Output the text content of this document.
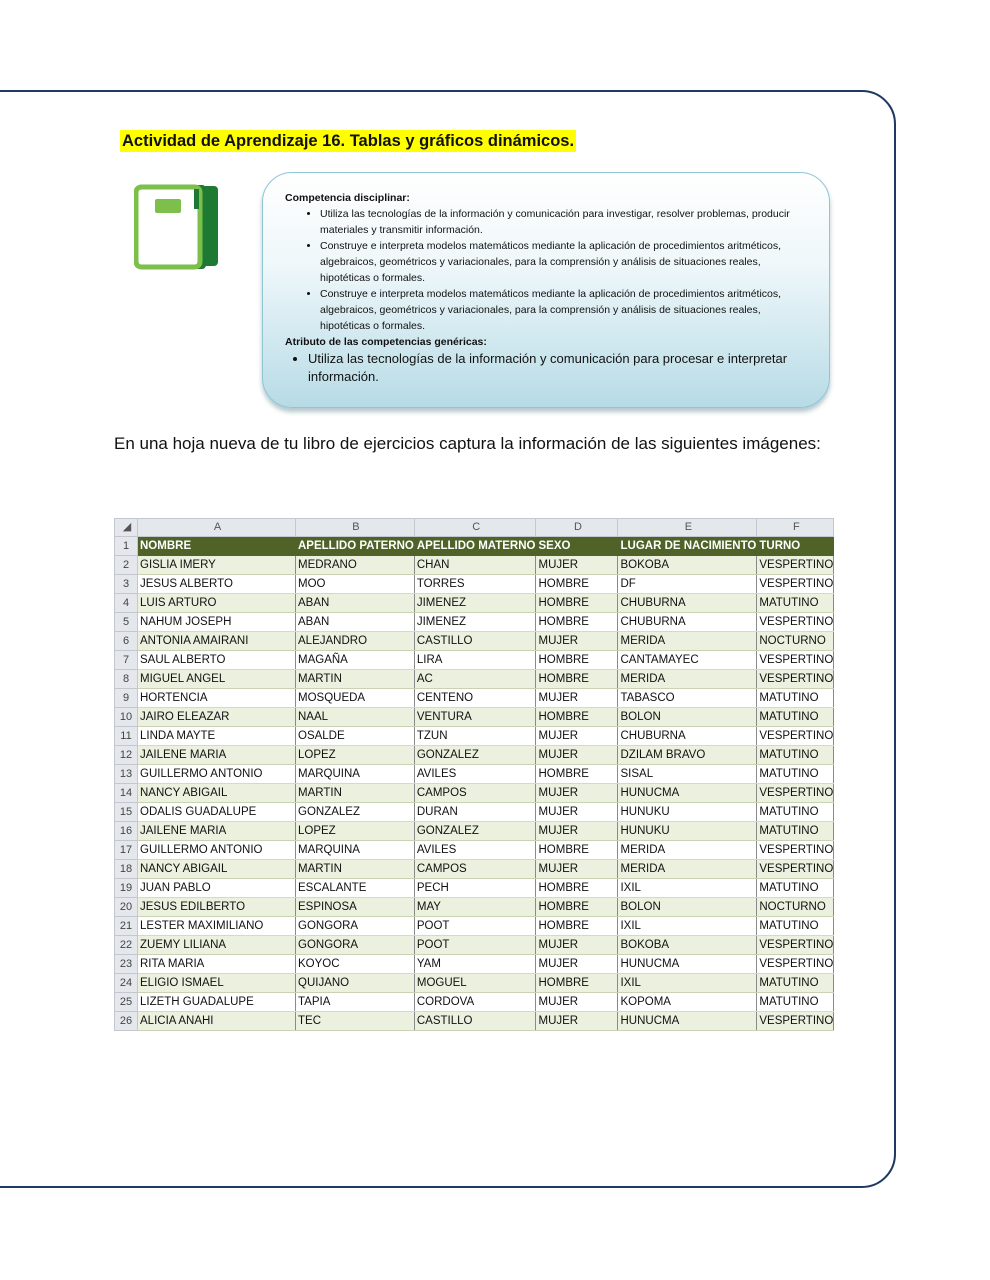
Actividad de Aprendizaje 16. Tablas y gráficos dinámicos.

Competencia disciplinar:

• Utiliza las tecnologías de la información y comunicación para investigar, resolver problemas, producir materiales y transmitir información.
• Construye e interpreta modelos matemáticos mediante la aplicación de procedimientos aritméticos, algebraicos, geométricos y variacionales, para la comprensión y análisis de situaciones reales, hipotéticas o formales.
• Construye e interpreta modelos matemáticos mediante la aplicación de procedimientos aritméticos, algebraicos, geométricos y variacionales, para la comprensión y análisis de situaciones reales, hipotéticas o formales.

Atributo de las competencias genéricas:

• Utiliza las tecnologías de la información y comunicación para procesar e interpretar información.

En una hoja nueva de tu libro de ejercicios captura la información de las siguientes imágenes:

◢	A	B	C	D	E	F
1	NOMBRE	APELLIDO PATERNO	APELLIDO MATERNO	SEXO	LUGAR DE NACIMIENTO	TURNO
2	GISLIA IMERY	MEDRANO	CHAN	MUJER	BOKOBA	VESPERTINO
3	JESUS ALBERTO	MOO	TORRES	HOMBRE	DF	VESPERTINO
4	LUIS ARTURO	ABAN	JIMENEZ	HOMBRE	CHUBURNA	MATUTINO
5	NAHUM JOSEPH	ABAN	JIMENEZ	HOMBRE	CHUBURNA	VESPERTINO
6	ANTONIA AMAIRANI	ALEJANDRO	CASTILLO	MUJER	MERIDA	NOCTURNO
7	SAUL ALBERTO	MAGAÑA	LIRA	HOMBRE	CANTAMAYEC	VESPERTINO
8	MIGUEL ANGEL	MARTIN	AC	HOMBRE	MERIDA	VESPERTINO
9	HORTENCIA	MOSQUEDA	CENTENO	MUJER	TABASCO	MATUTINO
10	JAIRO ELEAZAR	NAAL	VENTURA	HOMBRE	BOLON	MATUTINO
11	LINDA MAYTE	OSALDE	TZUN	MUJER	CHUBURNA	VESPERTINO
12	JAILENE MARIA	LOPEZ	GONZALEZ	MUJER	DZILAM BRAVO	MATUTINO
13	GUILLERMO ANTONIO	MARQUINA	AVILES	HOMBRE	SISAL	MATUTINO
14	NANCY ABIGAIL	MARTIN	CAMPOS	MUJER	HUNUCMA	VESPERTINO
15	ODALIS GUADALUPE	GONZALEZ	DURAN	MUJER	HUNUKU	MATUTINO
16	JAILENE MARIA	LOPEZ	GONZALEZ	MUJER	HUNUKU	MATUTINO
17	GUILLERMO ANTONIO	MARQUINA	AVILES	HOMBRE	MERIDA	VESPERTINO
18	NANCY ABIGAIL	MARTIN	CAMPOS	MUJER	MERIDA	VESPERTINO
19	JUAN PABLO	ESCALANTE	PECH	HOMBRE	IXIL	MATUTINO
20	JESUS EDILBERTO	ESPINOSA	MAY	HOMBRE	BOLON	NOCTURNO
21	LESTER MAXIMILIANO	GONGORA	POOT	HOMBRE	IXIL	MATUTINO
22	ZUEMY LILIANA	GONGORA	POOT	MUJER	BOKOBA	VESPERTINO
23	RITA MARIA	KOYOC	YAM	MUJER	HUNUCMA	VESPERTINO
24	ELIGIO ISMAEL	QUIJANO	MOGUEL	HOMBRE	IXIL	MATUTINO
25	LIZETH GUADALUPE	TAPIA	CORDOVA	MUJER	KOPOMA	MATUTINO
26	ALICIA ANAHI	TEC	CASTILLO	MUJER	HUNUCMA	VESPERTINO
